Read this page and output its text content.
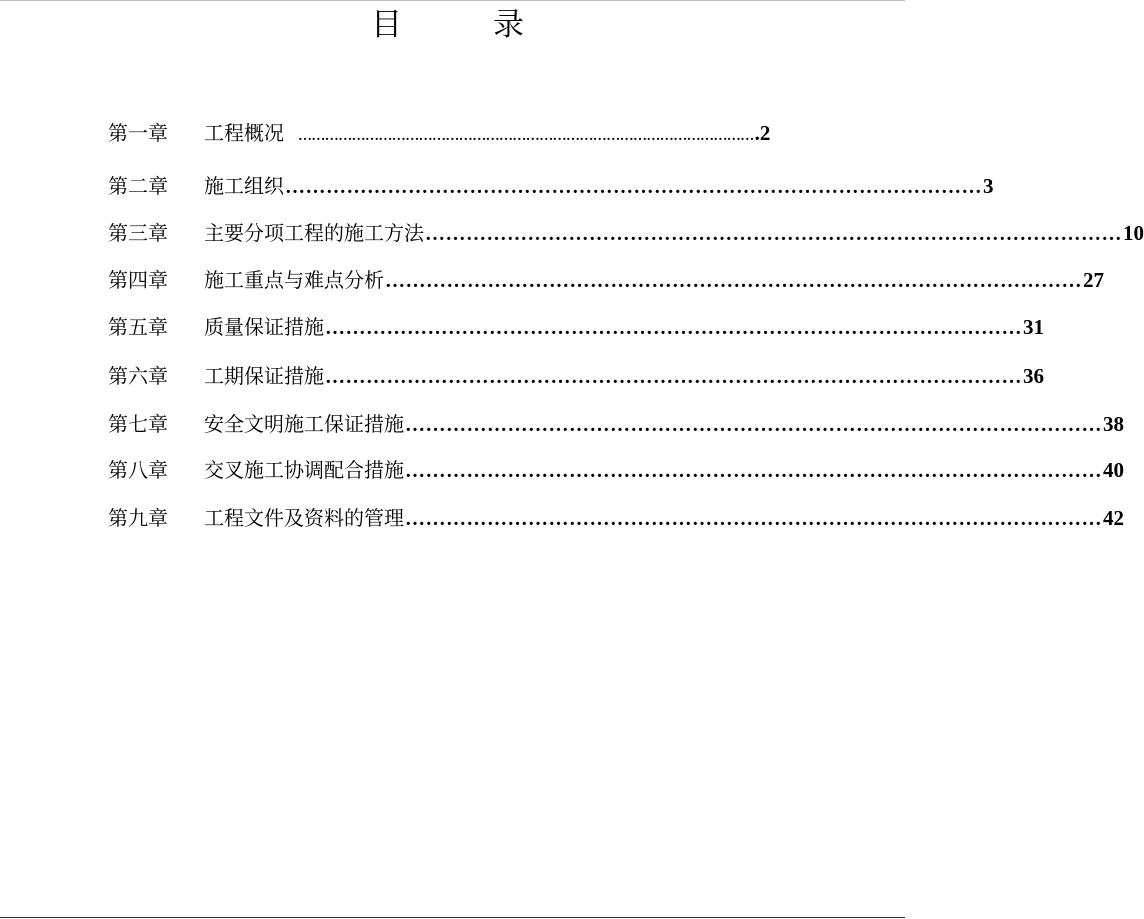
目　录
第一章	工程概况 ………………………………………………………………………………………… .2
第二章	施工组织 ………………………………………………………………………………………… 3
第三章	主要分项工程的施工方法 ………………………………………………………………………………………… 10
第四章	施工重点与难点分析 ………………………………………………………………………………………… 27
第五章	质量保证措施 ………………………………………………………………………………………… 31
第六章	工期保证措施 ………………………………………………………………………………………… 36
第七章	安全文明施工保证措施 ………………………………………………………………………………………… 38
第八章	交叉施工协调配合措施 ………………………………………………………………………………………… 40
第九章	工程文件及资料的管理 ………………………………………………………………………………………… 42
